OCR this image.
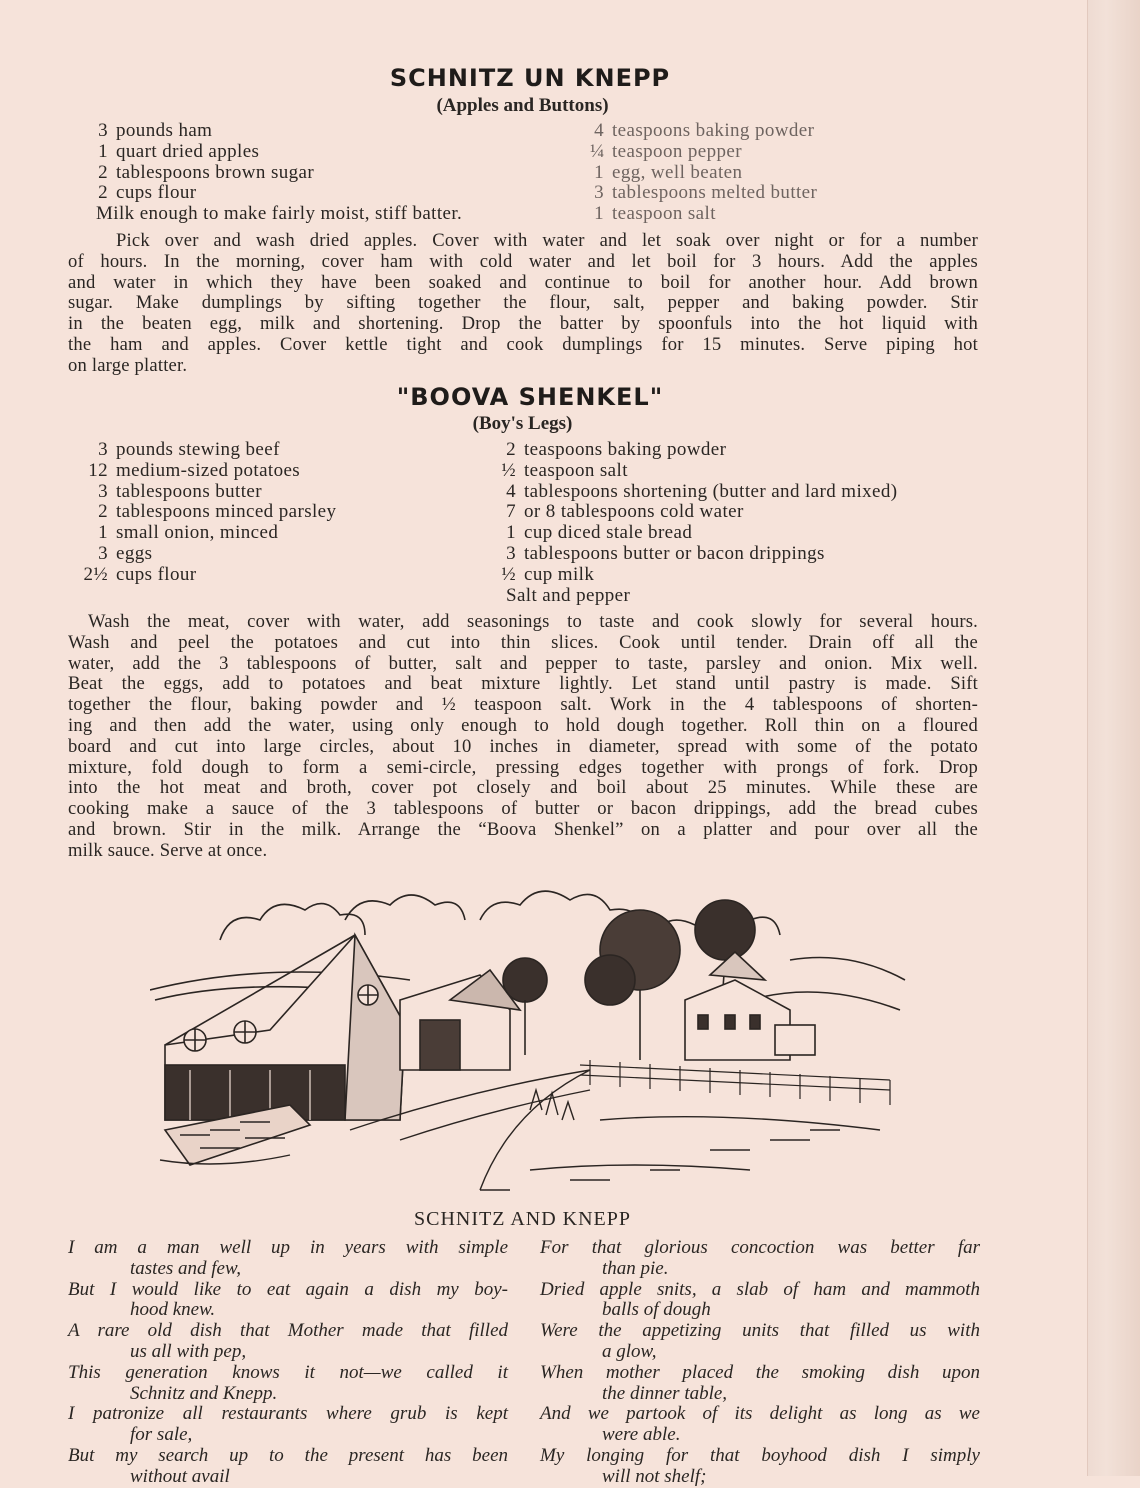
SCHNITZ UN KNEPP
(Apples and Buttons)
3 pounds ham
1 quart dried apples
2 tablespoons brown sugar
2 cups flour
Milk enough to make fairly moist, stiff batter.
4 teaspoons baking powder
¼ teaspoon pepper
1 egg, well beaten
3 tablespoons melted butter
1 teaspoon salt
Pick over and wash dried apples. Cover with water and let soak over night or for a number
of hours. In the morning, cover ham with cold water and let boil for 3 hours. Add the apples
and water in which they have been soaked and continue to boil for another hour. Add brown
sugar. Make dumplings by sifting together the flour, salt, pepper and baking powder. Stir
in the beaten egg, milk and shortening. Drop the batter by spoonfuls into the hot liquid with
the ham and apples. Cover kettle tight and cook dumplings for 15 minutes. Serve piping hot
on large platter.
"BOOVA SHENKEL"
(Boy's Legs)
3 pounds stewing beef
12 medium-sized potatoes
3 tablespoons butter
2 tablespoons minced parsley
1 small onion, minced
3 eggs
2½ cups flour
2 teaspoons baking powder
½ teaspoon salt
4 tablespoons shortening (butter and lard mixed)
7 or 8 tablespoons cold water
1 cup diced stale bread
3 tablespoons butter or bacon drippings
½ cup milk
Salt and pepper
Wash the meat, cover with water, add seasonings to taste and cook slowly for several hours.
Wash and peel the potatoes and cut into thin slices. Cook until tender. Drain off all the
water, add the 3 tablespoons of butter, salt and pepper to taste, parsley and onion. Mix well.
Beat the eggs, add to potatoes and beat mixture lightly. Let stand until pastry is made. Sift
together the flour, baking powder and ½ teaspoon salt. Work in the 4 tablespoons of shorten-
ing and then add the water, using only enough to hold dough together. Roll thin on a floured
board and cut into large circles, about 10 inches in diameter, spread with some of the potato
mixture, fold dough to form a semi-circle, pressing edges together with prongs of fork. Drop
into the hot meat and broth, cover pot closely and boil about 25 minutes. While these are
cooking make a sauce of the 3 tablespoons of butter or bacon drippings, add the bread cubes
and brown. Stir in the milk. Arrange the “Boova Shenkel” on a platter and pour over all the
milk sauce. Serve at once.
SCHNITZ AND KNEPP
I am a man well up in years with simple
tastes and few,
But I would like to eat again a dish my boy-
hood knew.
A rare old dish that Mother made that filled
us all with pep,
This generation knows it not—we called it
Schnitz and Knepp.
I patronize all restaurants where grub is kept
for sale,
But my search up to the present has been
without avail
For that glorious concoction was better far
than pie.
Dried apple snits, a slab of ham and mammoth
balls of dough
Were the appetizing units that filled us with
a glow,
When mother placed the smoking dish upon
the dinner table,
And we partook of its delight as long as we
were able.
My longing for that boyhood dish I simply
will not shelf;
